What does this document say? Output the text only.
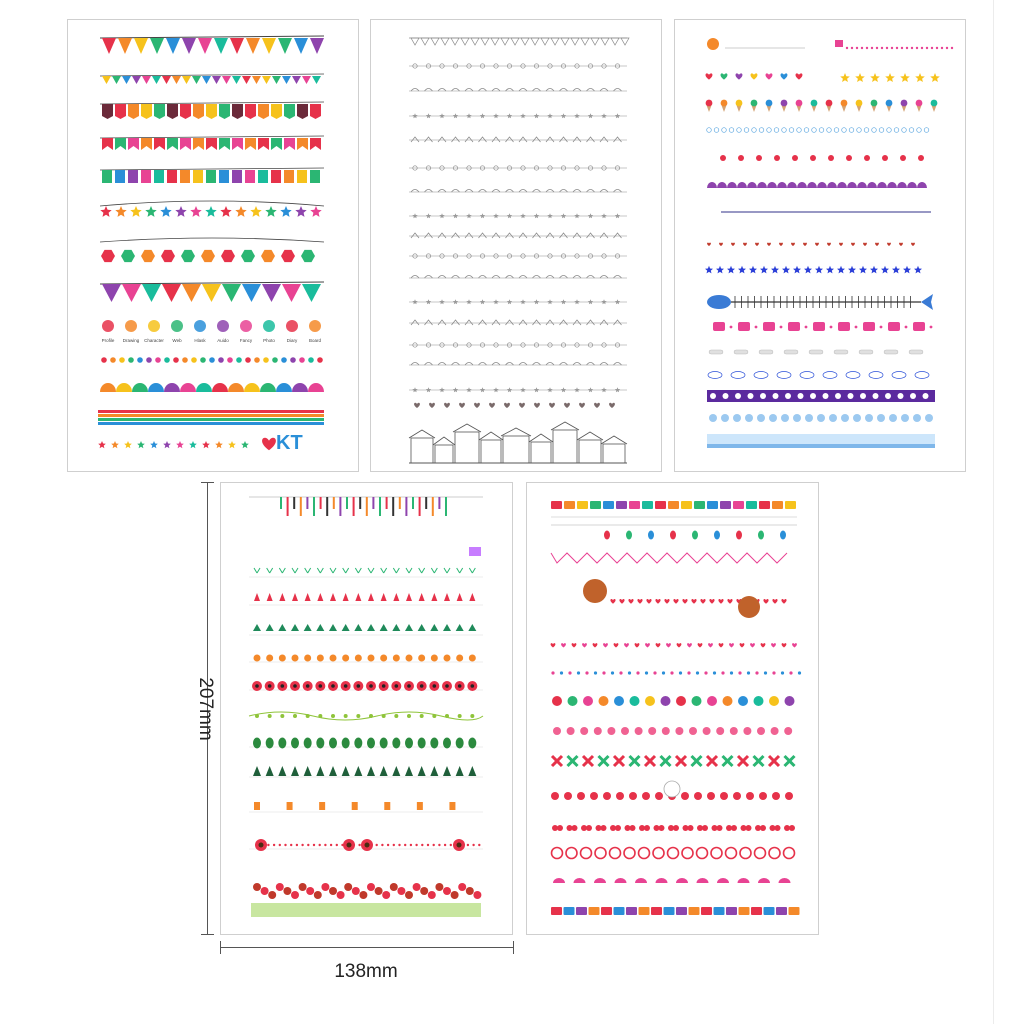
Profile Drawing Character Web	Hlask	Auido Fancy Photo	Diary	Board
KT
207mm
138mm
